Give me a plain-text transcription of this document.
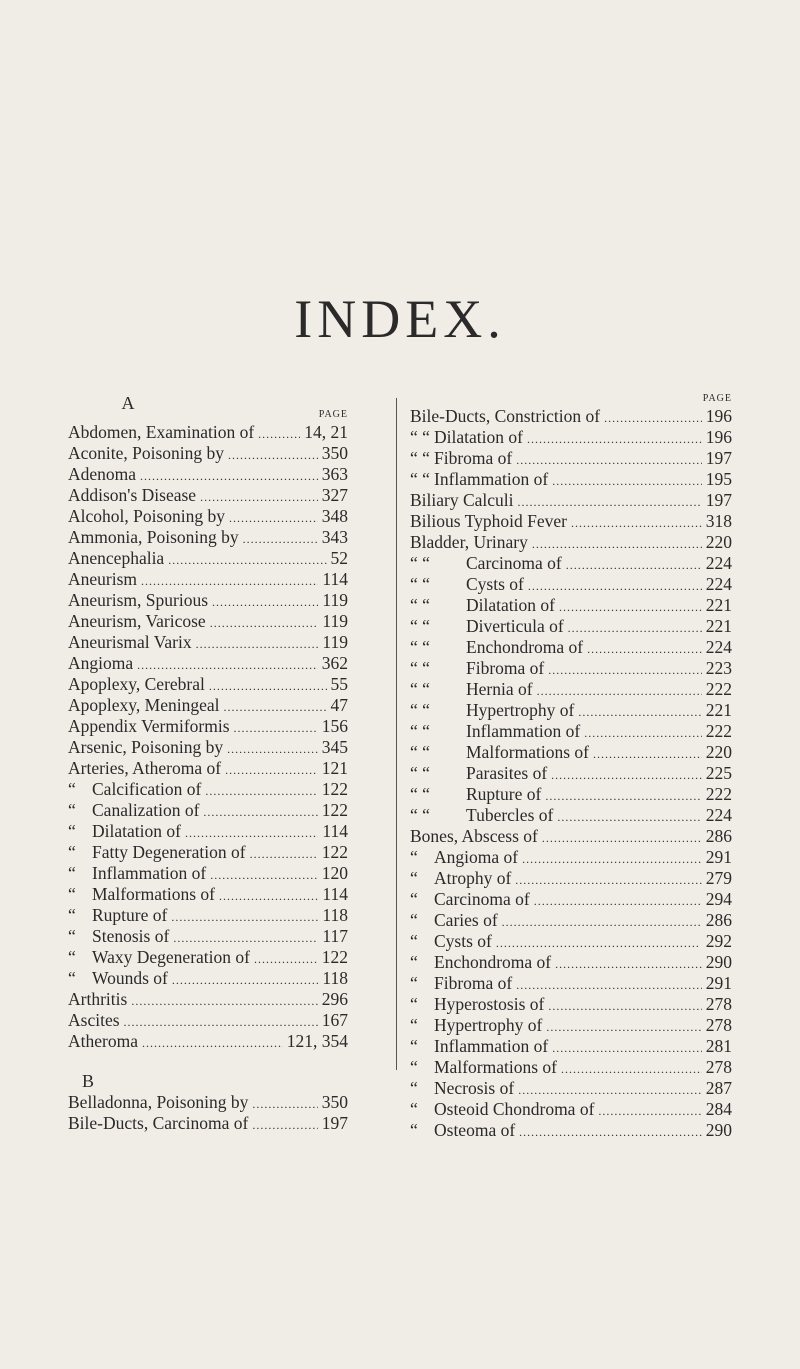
INDEX.
A
PAGE
Abdomen, Examination of . . .	14, 21
Aconite, Poisoning by . . .	350
Adenoma . . .	363
Addison's Disease . . .	327
Alcohol, Poisoning by . . .	348
Ammonia, Poisoning by . . .	343
Anencephalia . . .	52
Aneurism . . .	114
Aneurism, Spurious . . .	119
Aneurism, Varicose . . .	119
Aneurismal Varix . . .	119
Angioma . . .	362
Apoplexy, Cerebral . . .	55
Apoplexy, Meningeal . . .	47
Appendix Vermiformis . . .	156
Arsenic, Poisoning by . . .	345
Arteries, Atheroma of . . .	121
“ Calcification of . . .	122
“ Canalization of . . .	122
“ Dilatation of . . .	114
“ Fatty Degeneration of . . .	122
“ Inflammation of . . .	120
“ Malformations of . . .	114
“ Rupture of . . .	118
“ Stenosis of . . .	117
“ Waxy Degeneration of . . .	122
“ Wounds of . . .	118
Arthritis . . .	296
Ascites . . .	167
Atheroma . . .	121, 354
B
Belladonna, Poisoning by . . .	350
Bile-Ducts, Carcinoma of . . .	197
PAGE
Bile-Ducts, Constriction of . . .	196
“ “ Dilatation of . . .	196
“ “ Fibroma of . . .	197
“ “ Inflammation of . . .	195
Biliary Calculi . . .	197
Bilious Typhoid Fever . . .	318
Bladder, Urinary . . .	220
“ “	Carcinoma of . . .	224
“ “	Cysts of . . .	224
“ “	Dilatation of . . .	221
“ “	Diverticula of . . .	221
“ “	Enchondroma of . . .	224
“ “	Fibroma of . . .	223
“ “	Hernia of . . .	222
“ “	Hypertrophy of . . .	221
“ “	Inflammation of . . .	222
“ “	Malformations of . . .	220
“ “	Parasites of . . .	225
“ “	Rupture of . . .	222
“ “	Tubercles of . . .	224
Bones, Abscess of . . .	286
“ Angioma of . . .	291
“ Atrophy of . . .	279
“ Carcinoma of . . .	294
“ Caries of . . .	286
“ Cysts of . . .	292
“ Enchondroma of . . .	290
“ Fibroma of . . .	291
“ Hyperostosis of . . .	278
“ Hypertrophy of . . .	278
“ Inflammation of . . .	281
“ Malformations of . . .	278
“ Necrosis of . . .	287
“ Osteoid Chondroma of . . .	284
“ Osteoma of . . .	290
